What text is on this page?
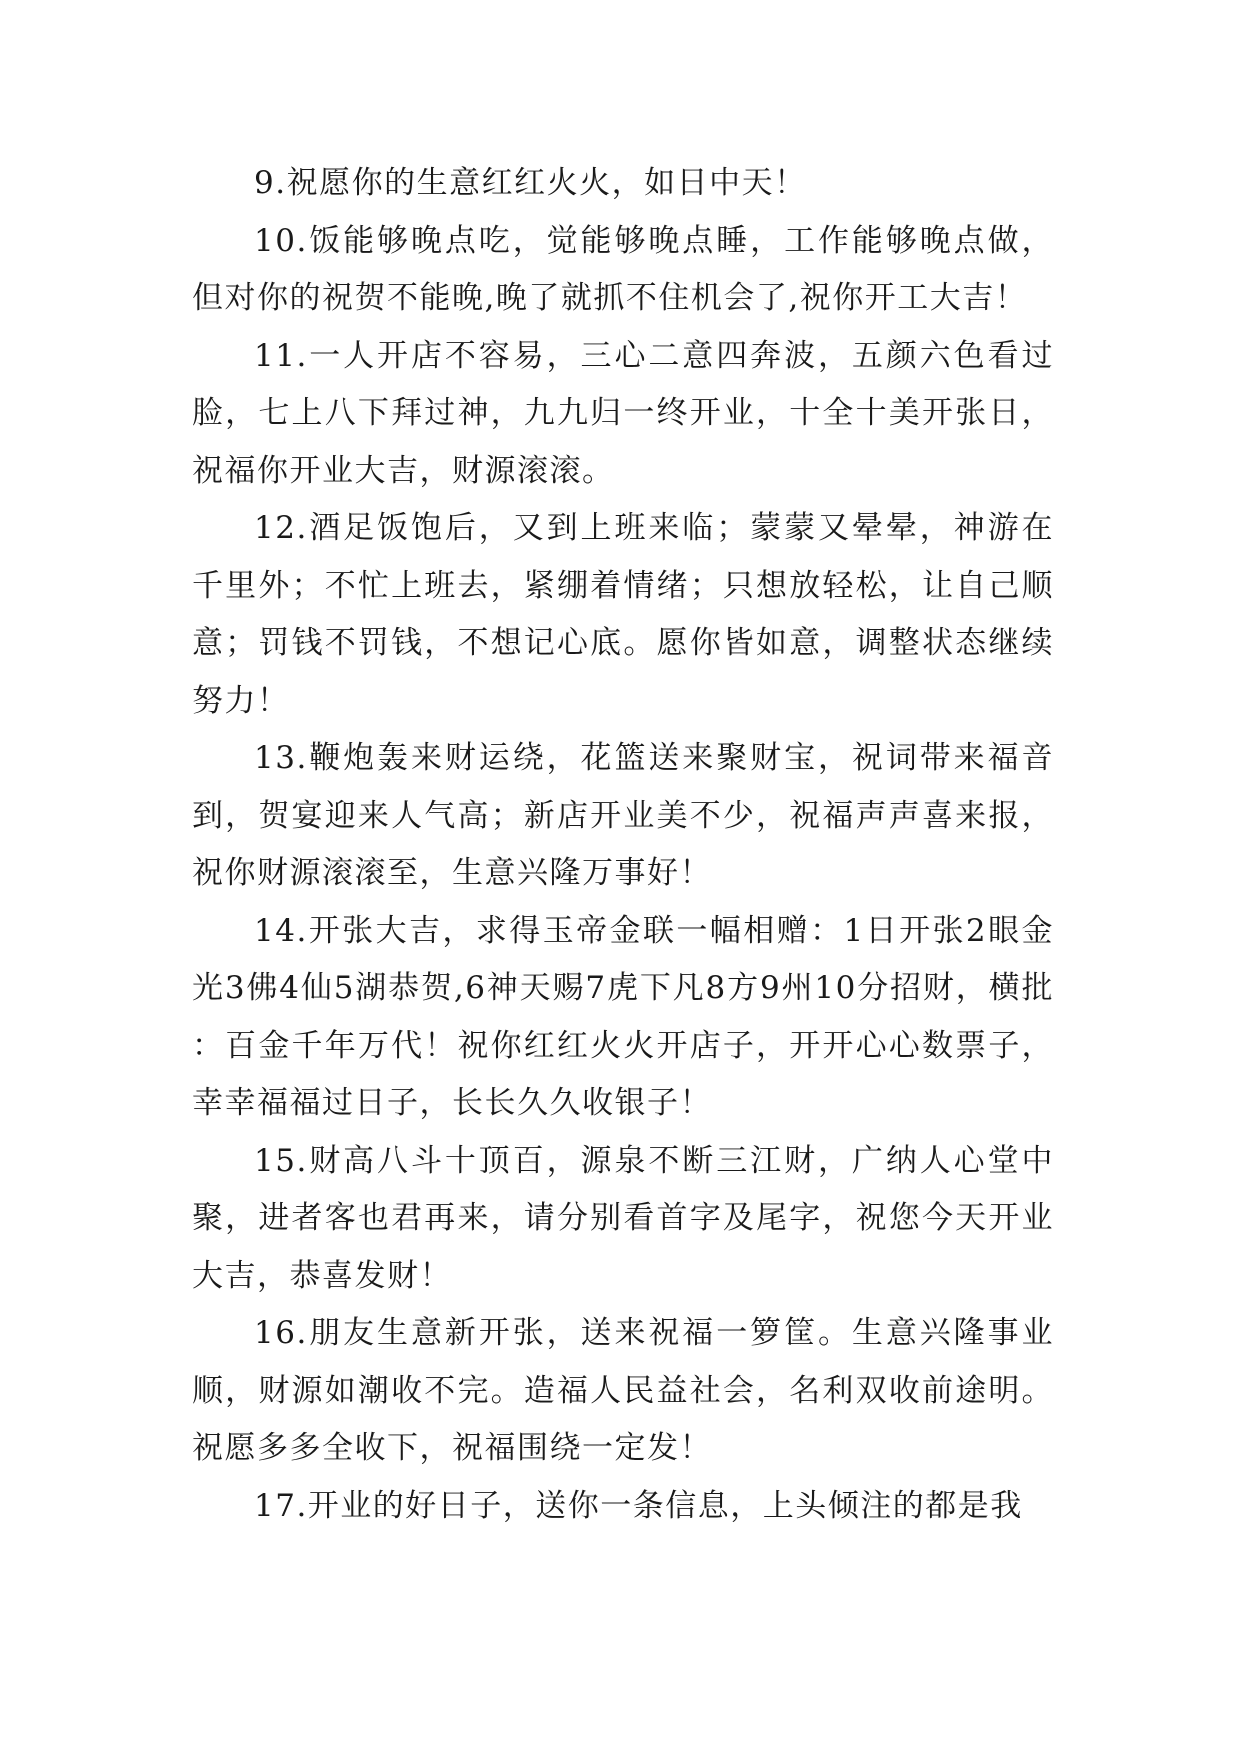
9.祝愿你的生意红红火火，如日中天！

10.饭能够晚点吃，觉能够晚点睡，工作能够晚点做，但对你的祝贺不能晚,晚了就抓不住机会了,祝你开工大吉！

11.一人开店不容易，三心二意四奔波，五颜六色看过脸，七上八下拜过神，九九归一终开业，十全十美开张日，祝福你开业大吉，财源滚滚。

12.酒足饭饱后，又到上班来临；蒙蒙又晕晕，神游在千里外；不忙上班去，紧绷着情绪；只想放轻松，让自己顺意；罚钱不罚钱，不想记心底。愿你皆如意，调整状态继续努力！

13.鞭炮轰来财运绕，花篮送来聚财宝，祝词带来福音到，贺宴迎来人气高；新店开业美不少，祝福声声喜来报，祝你财源滚滚至，生意兴隆万事好！

14.开张大吉，求得玉帝金联一幅相赠：1日开张2眼金光3佛4仙5湖恭贺,6神天赐7虎下凡8方9州10分招财，横批：百金千年万代！祝你红红火火开店子，开开心心数票子，幸幸福福过日子，长长久久收银子！

15.财高八斗十顶百，源泉不断三江财，广纳人心堂中聚，进者客也君再来，请分别看首字及尾字，祝您今天开业大吉，恭喜发财！

16.朋友生意新开张，送来祝福一箩筐。生意兴隆事业顺，财源如潮收不完。造福人民益社会，名利双收前途明。祝愿多多全收下，祝福围绕一定发！

17.开业的好日子，送你一条信息，上头倾注的都是我
